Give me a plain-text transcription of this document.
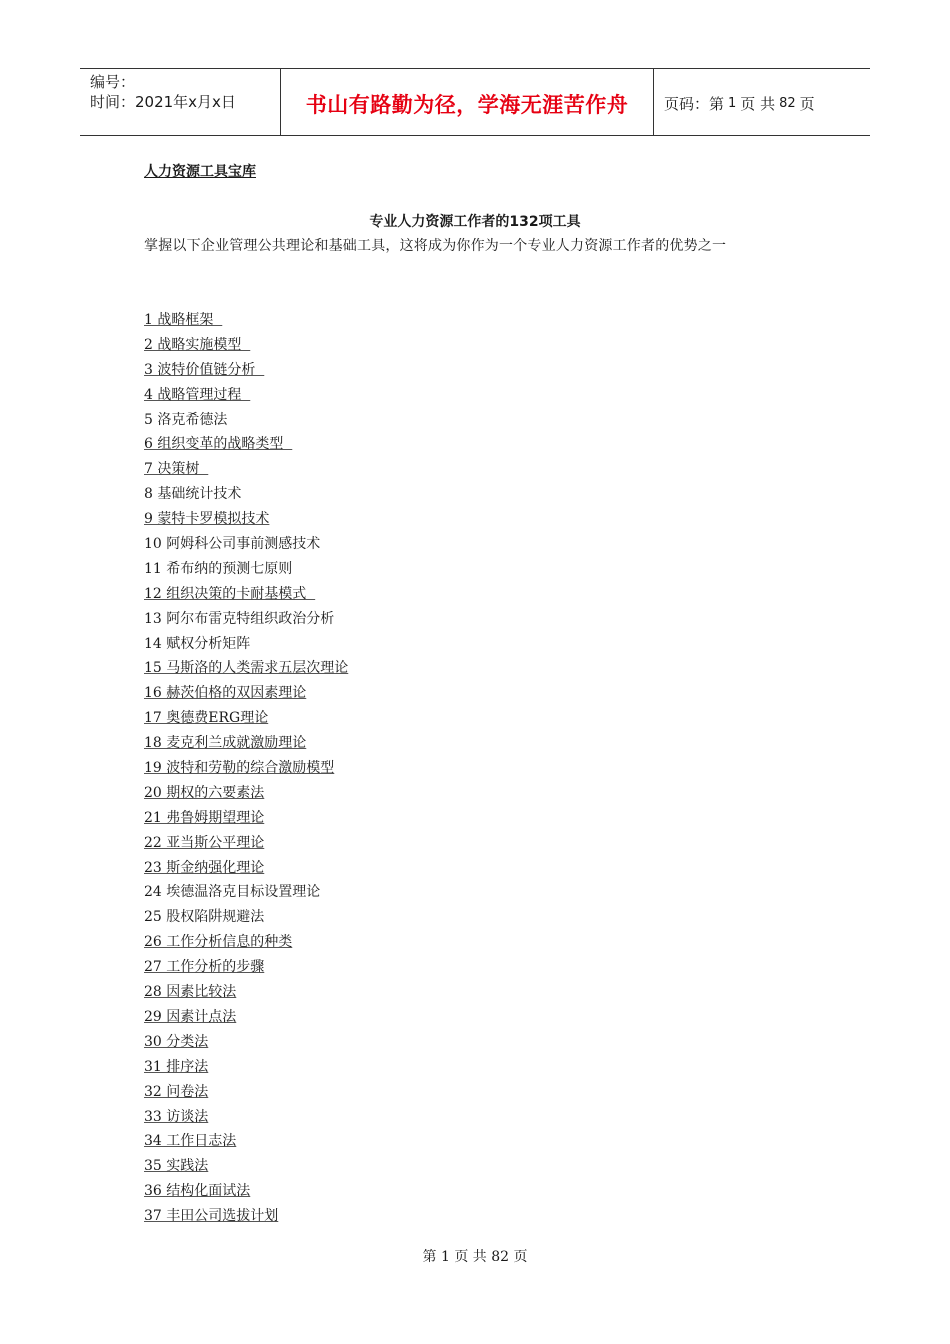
编号：
时间：2021年x月x日	书山有路勤为径，学海无涯苦作舟	页码：第 1 页 共 82 页
人力资源工具宝库
专业人力资源工作者的132项工具
掌握以下企业管理公共理论和基础工具，这将成为你作为一个专业人力资源工作者的优势之一
1 战略框架
2 战略实施模型
3 波特价值链分析
4 战略管理过程
5 洛克希德法
6 组织变革的战略类型
7 决策树
8 基础统计技术
9 蒙特卡罗模拟技术
10 阿姆科公司事前测感技术
11 希布纳的预测七原则
12 组织决策的卡耐基模式
13 阿尔布雷克特组织政治分析
14 赋权分析矩阵
15 马斯洛的人类需求五层次理论
16 赫茨伯格的双因素理论
17 奥德费ERG理论
18 麦克利兰成就激励理论
19 波特和劳勒的综合激励模型
20 期权的六要素法
21 弗鲁姆期望理论
22 亚当斯公平理论
23 斯金纳强化理论
24 埃德温洛克目标设置理论
25 股权陷阱规避法
26 工作分析信息的种类
27 工作分析的步骤
28 因素比较法
29 因素计点法
30 分类法
31 排序法
32 问卷法
33 访谈法
34 工作日志法
35 实践法
36 结构化面试法
37 丰田公司选拔计划
第 1 页 共 82 页
